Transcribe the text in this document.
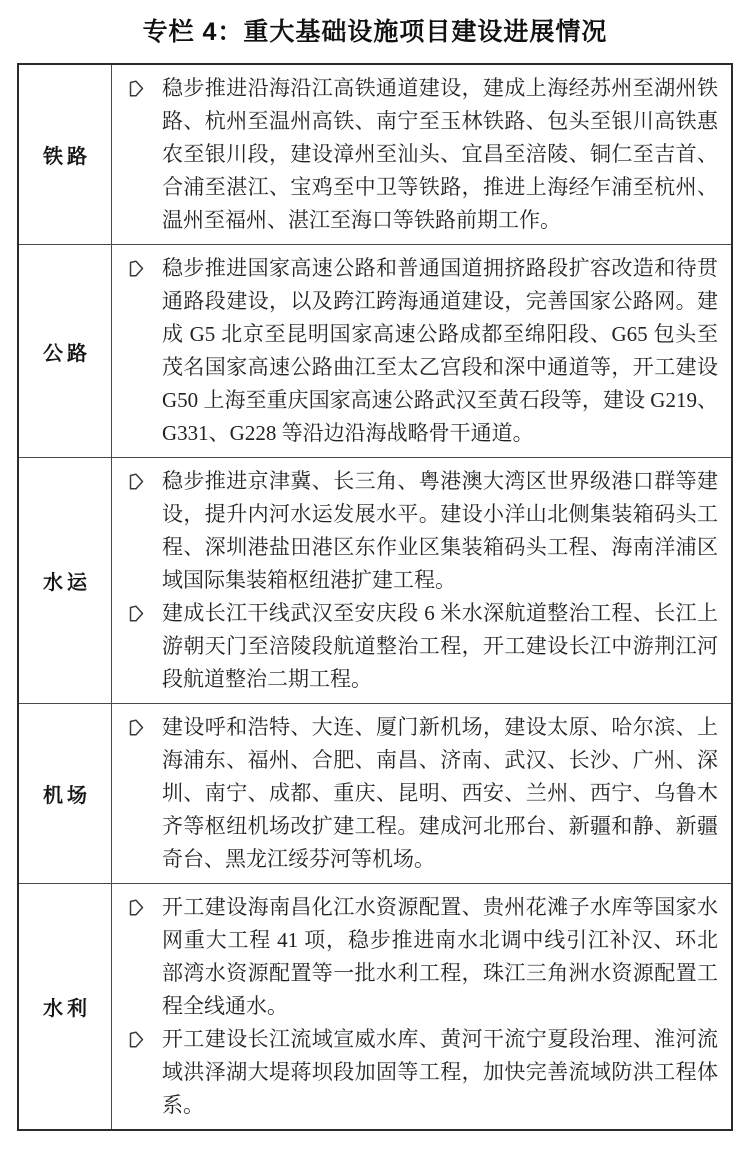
专栏 4：重大基础设施项目建设进展情况
铁路

稳步推进沿海沿江高铁通道建设，建成上海经苏州至湖州铁路、杭州至温州高铁、南宁至玉林铁路、包头至银川高铁惠农至银川段，建设漳州至汕头、宜昌至涪陵、铜仁至吉首、合浦至湛江、宝鸡至中卫等铁路，推进上海经乍浦至杭州、温州至福州、湛江至海口等铁路前期工作。

公路

稳步推进国家高速公路和普通国道拥挤路段扩容改造和待贯通路段建设，以及跨江跨海通道建设，完善国家公路网。建成 G5 北京至昆明国家高速公路成都至绵阳段、G65 包头至茂名国家高速公路曲江至太乙宫段和深中通道等，开工建设 G50 上海至重庆国家高速公路武汉至黄石段等，建设 G219、G331、G228 等沿边沿海战略骨干通道。

水运

稳步推进京津冀、长三角、粤港澳大湾区世界级港口群等建设，提升内河水运发展水平。建设小洋山北侧集装箱码头工程、深圳港盐田港区东作业区集装箱码头工程、海南洋浦区域国际集装箱枢纽港扩建工程。

建成长江干线武汉至安庆段 6 米水深航道整治工程、长江上游朝天门至涪陵段航道整治工程，开工建设长江中游荆江河段航道整治二期工程。

机场

建设呼和浩特、大连、厦门新机场，建设太原、哈尔滨、上海浦东、福州、合肥、南昌、济南、武汉、长沙、广州、深圳、南宁、成都、重庆、昆明、西安、兰州、西宁、乌鲁木齐等枢纽机场改扩建工程。建成河北邢台、新疆和静、新疆奇台、黑龙江绥芬河等机场。

水利

开工建设海南昌化江水资源配置、贵州花滩子水库等国家水网重大工程 41 项，稳步推进南水北调中线引江补汉、环北部湾水资源配置等一批水利工程，珠江三角洲水资源配置工程全线通水。

开工建设长江流域宣威水库、黄河干流宁夏段治理、淮河流域洪泽湖大堤蒋坝段加固等工程，加快完善流域防洪工程体系。
